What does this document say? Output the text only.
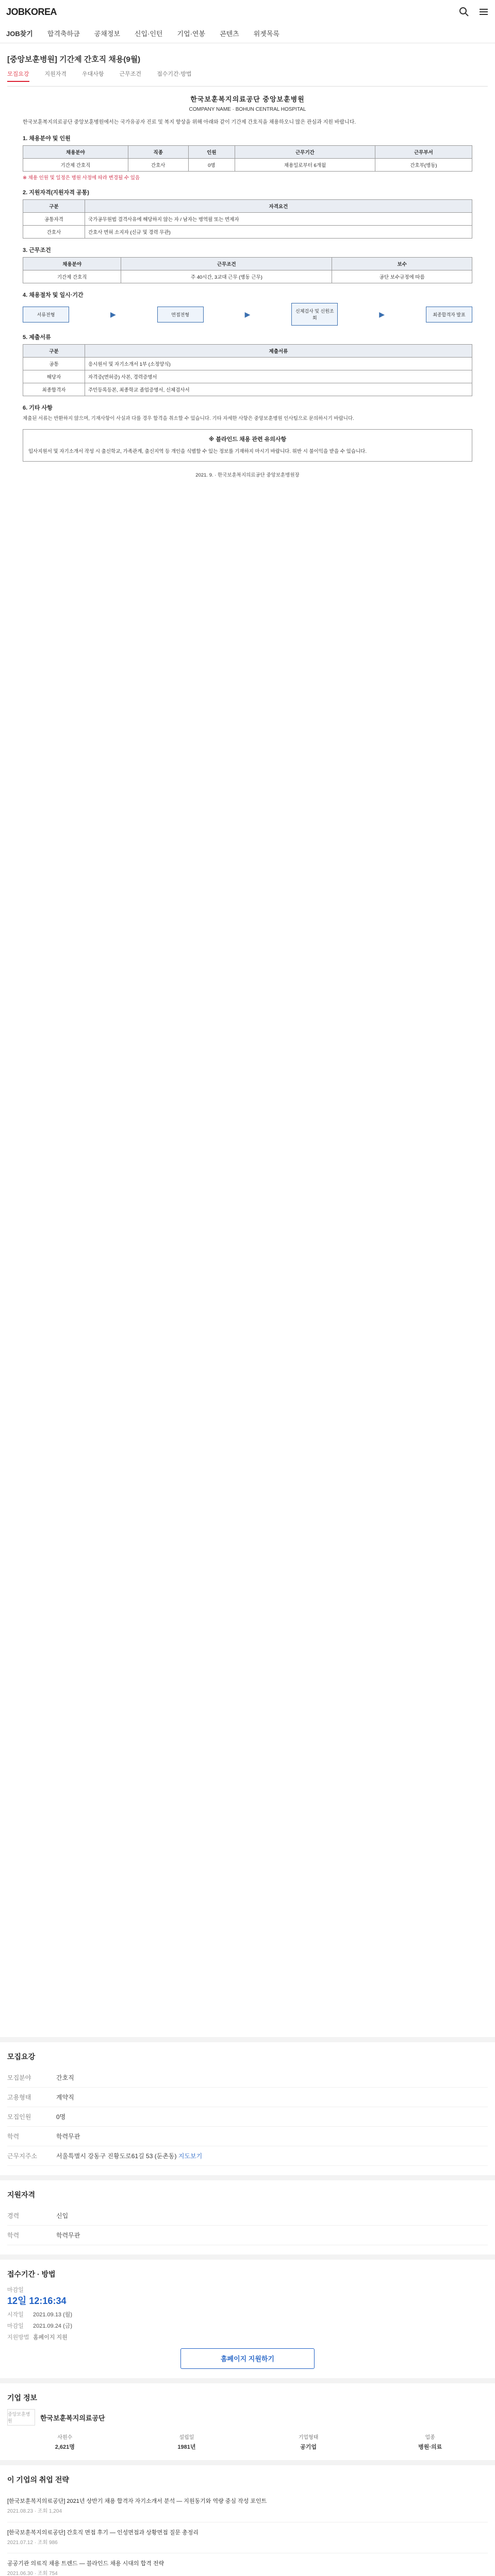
JOBKOREA
JOB찾기 합격축하금 공채정보 신입·인턴 기업·연봉 콘텐츠 위젯목록
[중앙보훈병원] 기간제 간호직 채용(9월)
모집요강	지원자격	우대사항	근무조건	접수기간·방법
한국보훈복지의료공단 중앙보훈병원
COMPANY NAME · BOHUN CENTRAL HOSPITAL
한국보훈복지의료공단 중앙보훈병원에서는 국가유공자 진료 및 복지 향상을 위해 아래와 같이 기간제 간호직을 채용하오니 많은 관심과 지원 바랍니다.
1. 채용분야 및 인원
채용분야	직종	인원	근무기간	근무부서
기간제 간호직	간호사	0명	채용일로부터 6개월	간호부(병동)
※ 채용 인원 및 일정은 병원 사정에 따라 변경될 수 있음
2. 지원자격(지원자격 공통)
구분	자격요건
공통자격	국가공무원법 결격사유에 해당하지 않는 자 / 남자는 병역필 또는 면제자
간호사	간호사 면허 소지자 (신규 및 경력 무관)
3. 근무조건
채용분야	근무조건	보수
기간제 간호직	주 40시간, 3교대 근무 (병동 근무)	공단 보수규정에 따름
4. 채용절차 및 일시·기간
서류전형	▶	면접전형	▶	신체검사 및 신원조회	▶	최종합격자 발표
5. 제출서류
구분	제출서류
공통	응시원서 및 자기소개서 1부 (소정양식)
해당자	자격증(면허증) 사본, 경력증명서
최종합격자	주민등록등본, 최종학교 졸업증명서, 신체검사서
6. 기타 사항
제출된 서류는 반환하지 않으며, 기재사항이 사실과 다를 경우 합격을 취소할 수 있습니다. 기타 자세한 사항은 중앙보훈병원 인사팀으로 문의하시기 바랍니다.
※ 블라인드 채용 관련 유의사항
입사지원서 및 자기소개서 작성 시 출신학교, 가족관계, 출신지역 등 개인을 식별할 수 있는 정보를 기재하지 마시기 바랍니다. 위반 시 불이익을 받을 수 있습니다.
2021. 9. · 한국보훈복지의료공단 중앙보훈병원장
모집요강
모집분야	간호직
고용형태	계약직
모집인원	0명
학력	학력무관
근무지주소	서울특별시 강동구 진황도로61길 53 (둔촌동)
지도보기
지원자격
경력	신입
학력	학력무관
접수기간 · 방법
마감일
12일 12:16:34
시작일	2021.09.13 (월)
마감일	2021.09.24 (금)
지원방법 홈페이지 지원
홈페이지 지원하기
기업 정보
중앙보훈병원	한국보훈복지의료공단
사원수
2,621명
설립일
1981년
기업형태
공기업
업종
병원·의료
이 기업의 취업 전략
[한국보훈복지의료공단] 2021년 상반기 채용 합격자 자기소개서 분석 — 지원동기와 역량 중심 작성 포인트
2021.08.23 · 조회 1,204
[한국보훈복지의료공단] 간호직 면접 후기 — 인성면접과 상황면접 질문 총정리
2021.07.12 · 조회 986
공공기관 의료직 채용 트렌드 — 블라인드 채용 시대의 합격 전략
2021.06.30 · 조회 754
